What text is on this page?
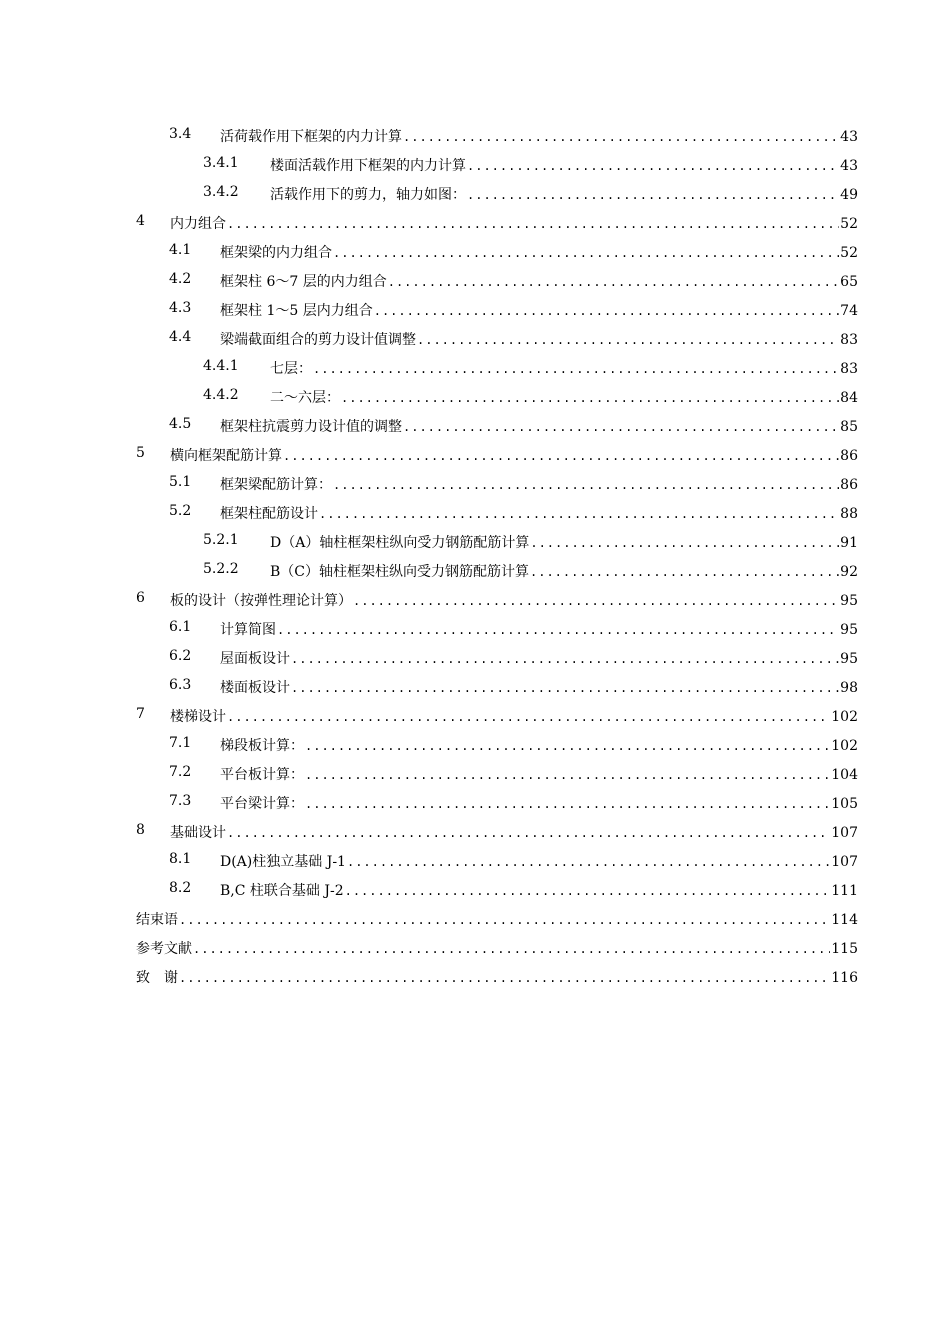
3.4 活荷载作用下框架的内力计算 .....	43
3.4.1 楼面活载作用下框架的内力计算 .....	43
3.4.2 活载作用下的剪力，轴力如图： .....	49
4 内力组合 .....	52
4.1 框架梁的内力组合 .....	52
4.2 框架柱 6～7 层的内力组合 .....	65
4.3 框架柱 1～5 层内力组合 .....	74
4.4 梁端截面组合的剪力设计值调整 .....	83
4.4.1 七层： .....	83
4.4.2 二～六层： .....	84
4.5 框架柱抗震剪力设计值的调整 .....	85
5 横向框架配筋计算 .....	86
5.1 框架梁配筋计算： .....	86
5.2 框架柱配筋设计 .....	88
5.2.1 D（A）轴柱框架柱纵向受力钢筋配筋计算 .....	91
5.2.2 B（C）轴柱框架柱纵向受力钢筋配筋计算 .....	92
6 板的设计（按弹性理论计算） .....	95
6.1 计算简图 .....	95
6.2 屋面板设计 .....	95
6.3 楼面板设计 .....	98
7 楼梯设计 .....	102
7.1 梯段板计算： .....	102
7.2 平台板计算： .....	104
7.3 平台梁计算： .....	105
8 基础设计 .....	107
8.1 D(A)柱独立基础 J-1 .....	107
8.2 B,C 柱联合基础 J-2 .....	111
结束语 .....	114
参考文献 .....	115
致　谢 .....	116
